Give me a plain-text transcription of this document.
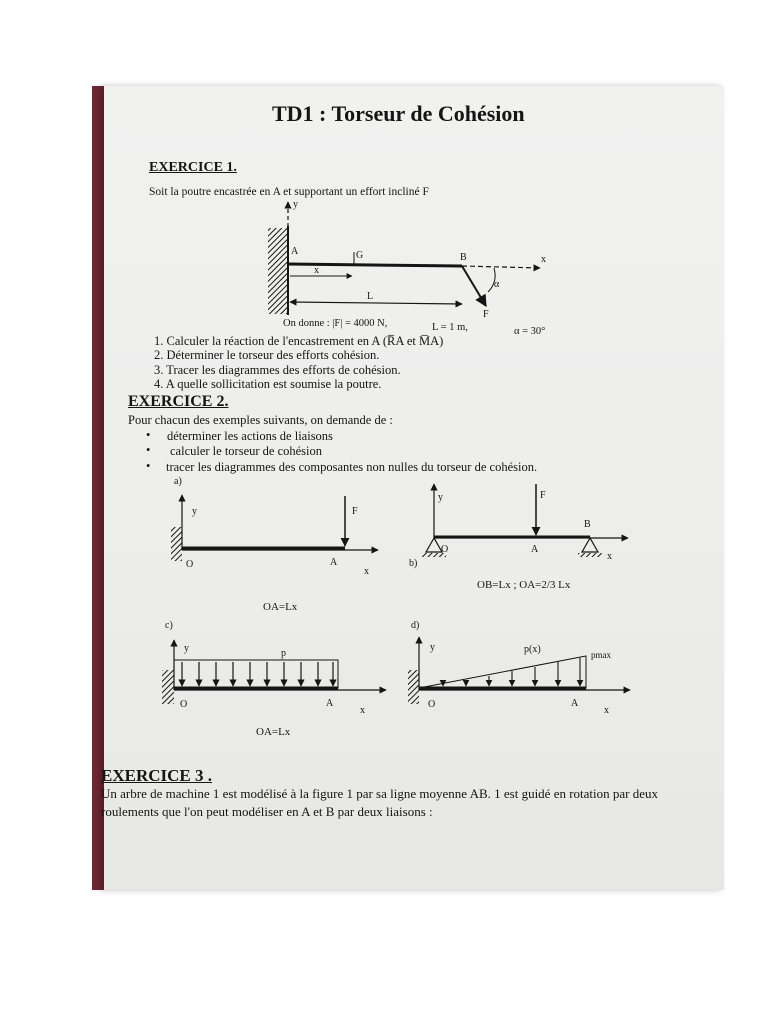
TD1 : Torseur de Cohésion
EXERCICE 1.
Soit la poutre encastrée en A et supportant un effort incliné F
On donne : |F| = 4000 N,	L = 1 m,	α = 30°
1. Calculer la réaction de l'encastrement en A (R̅A et M̅A)
2. Déterminer le torseur des efforts cohésion.
3. Tracer les diagrammes des efforts de cohésion.
4. A quelle sollicitation est soumise la poutre.
EXERCICE 2.
Pour chacun des exemples suivants, on demande de :
• déterminer les actions de liaisons
• calculer le torseur de cohésion
• tracer les diagrammes des composantes non nulles du torseur de cohésion.
EXERCICE 3 .
Un arbre de machine 1 est modélisé à la figure 1 par sa ligne moyenne AB. 1 est guidé en rotation par deux
roulements que l'on peut modéliser en A et B par deux liaisons :
A	G	B	x
y
x
L
α
F
a)
y	F
O	A
x
OA=Lx
b)
y	F
B
O	A
x
OB=Lx ; OA=2/3 Lx
c)
y	p
O	A
x
OA=Lx
d)
y	p(x)	pmax
O	A
x
